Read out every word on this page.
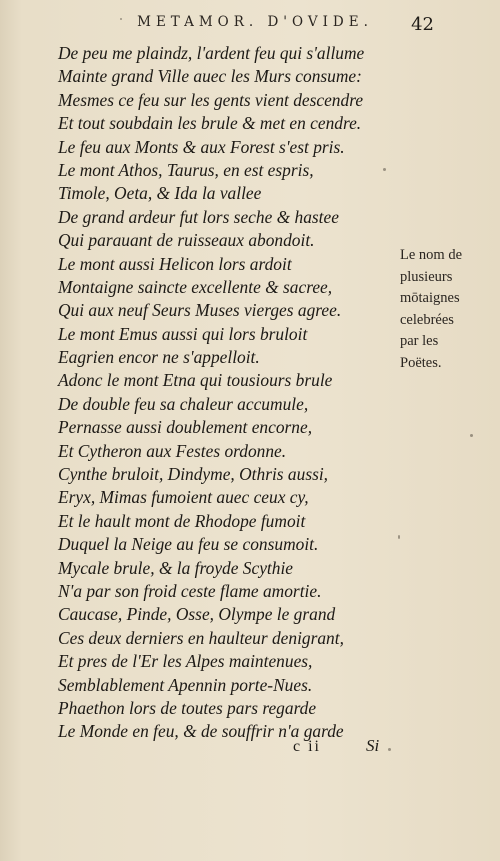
METAMOR. D'OVIDE.	42
De peu me plaindz, l'ardent feu qui s'allume
Mainte grand Ville auec les Murs consume:
Mesmes ce feu sur les gents vient descendre
Et tout soubdain les brule & met en cendre.
Le feu aux Monts & aux Forest s'est pris.
Le mont Athos, Taurus, en est espris,
Timole, Oeta, & Ida la vallee
De grand ardeur fut lors seche & hastee
Qui parauant de ruisseaux abondoit.
Le mont aussi Helicon lors ardoit
Montaigne saincte excellente & sacree,
Qui aux neuf Seurs Muses vierges agree.
Le mont Emus aussi qui lors bruloit
Eagrien encor ne s'appelloit.
Adonc le mont Etna qui tousiours brule
De double feu sa chaleur accumule,
Pernasse aussi doublement encorne,
Et Cytheron aux Festes ordonne.
Cynthe bruloit, Dindyme, Othris aussi,
Eryx, Mimas fumoient auec ceux cy,
Et le hault mont de Rhodope fumoit
Duquel la Neige au feu se consumoit.
Mycale brule, & la froyde Scythie
N'a par son froid ceste flame amortie.
Caucase, Pinde, Osse, Olympe le grand
Ces deux derniers en haulteur denigrant,
Et pres de l'Er les Alpes maintenues,
Semblablement Apennin porte-Nues.
Phaethon lors de toutes pars regarde
Le Monde en feu, & de souffrir n'a garde
Le nom de
plusieurs
mōtaignes
celebrées
par les
Poëtes.
c ii	Si
